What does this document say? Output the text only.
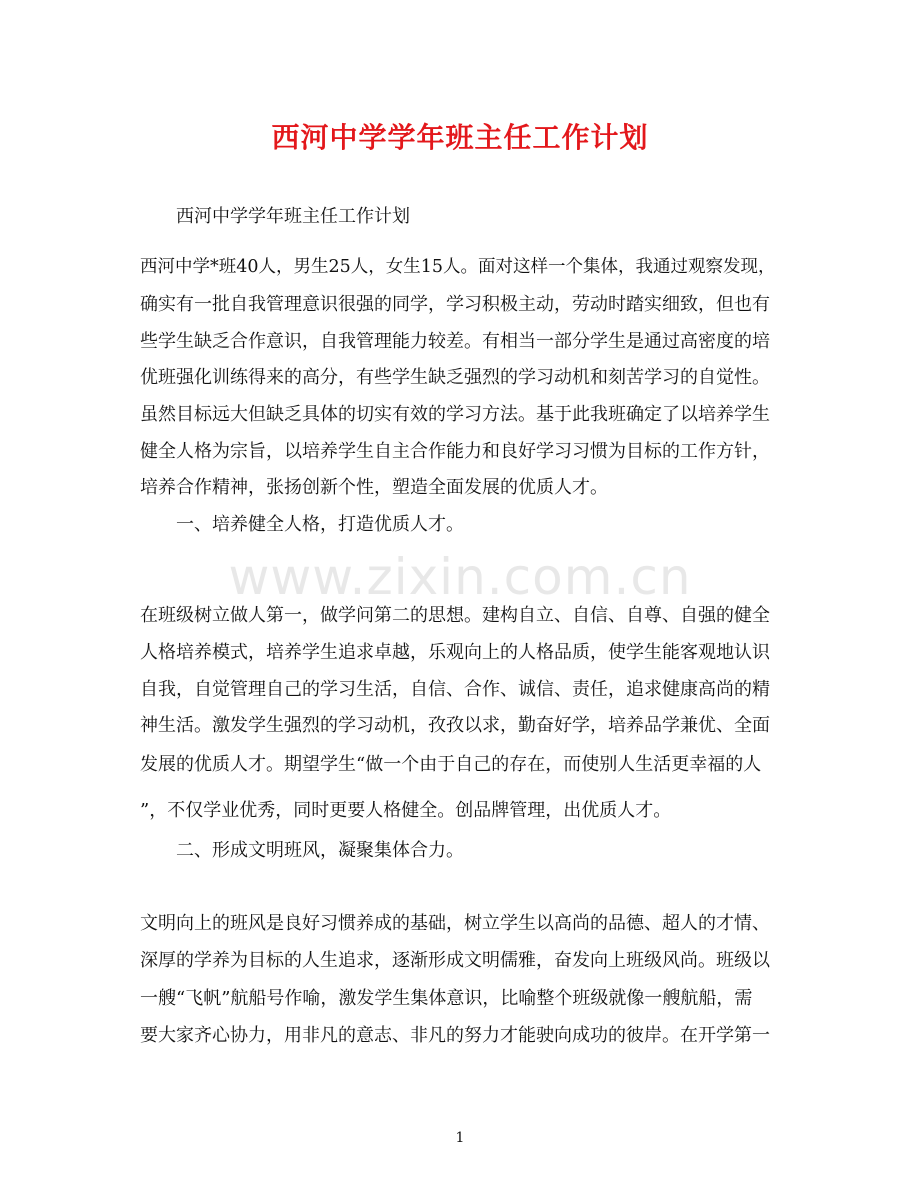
西河中学学年班主任工作计划
西河中学学年班主任工作计划
西河中学*班40人，男生25人，女生15人。面对这样一个集体，我通过观察发现，
确实有一批自我管理意识很强的同学，学习积极主动，劳动时踏实细致，但也有
些学生缺乏合作意识，自我管理能力较差。有相当一部分学生是通过高密度的培
优班强化训练得来的高分，有些学生缺乏强烈的学习动机和刻苦学习的自觉性。
虽然目标远大但缺乏具体的切实有效的学习方法。基于此我班确定了以培养学生
健全人格为宗旨，以培养学生自主合作能力和良好学习习惯为目标的工作方针，
培养合作精神，张扬创新个性，塑造全面发展的优质人才。
一、培养健全人格，打造优质人才。
在班级树立做人第一，做学问第二的思想。建构自立、自信、自尊、自强的健全
人格培养模式，培养学生追求卓越，乐观向上的人格品质，使学生能客观地认识
自我，自觉管理自己的学习生活，自信、合作、诚信、责任，追求健康高尚的精
神生活。激发学生强烈的学习动机，孜孜以求，勤奋好学，培养品学兼优、全面
发展的优质人才。期望学生“做一个由于自己的存在，而使别人生活更幸福的人
”，不仅学业优秀，同时更要人格健全。创品牌管理，出优质人才。
二、形成文明班风，凝聚集体合力。
文明向上的班风是良好习惯养成的基础，树立学生以高尚的品德、超人的才情、
深厚的学养为目标的人生追求，逐渐形成文明儒雅，奋发向上班级风尚。班级以
一艘“飞帆”航船号作喻，激发学生集体意识，比喻整个班级就像一艘航船，需
要大家齐心协力，用非凡的意志、非凡的努力才能驶向成功的彼岸。在开学第一
www.zixin.com.cn
1
